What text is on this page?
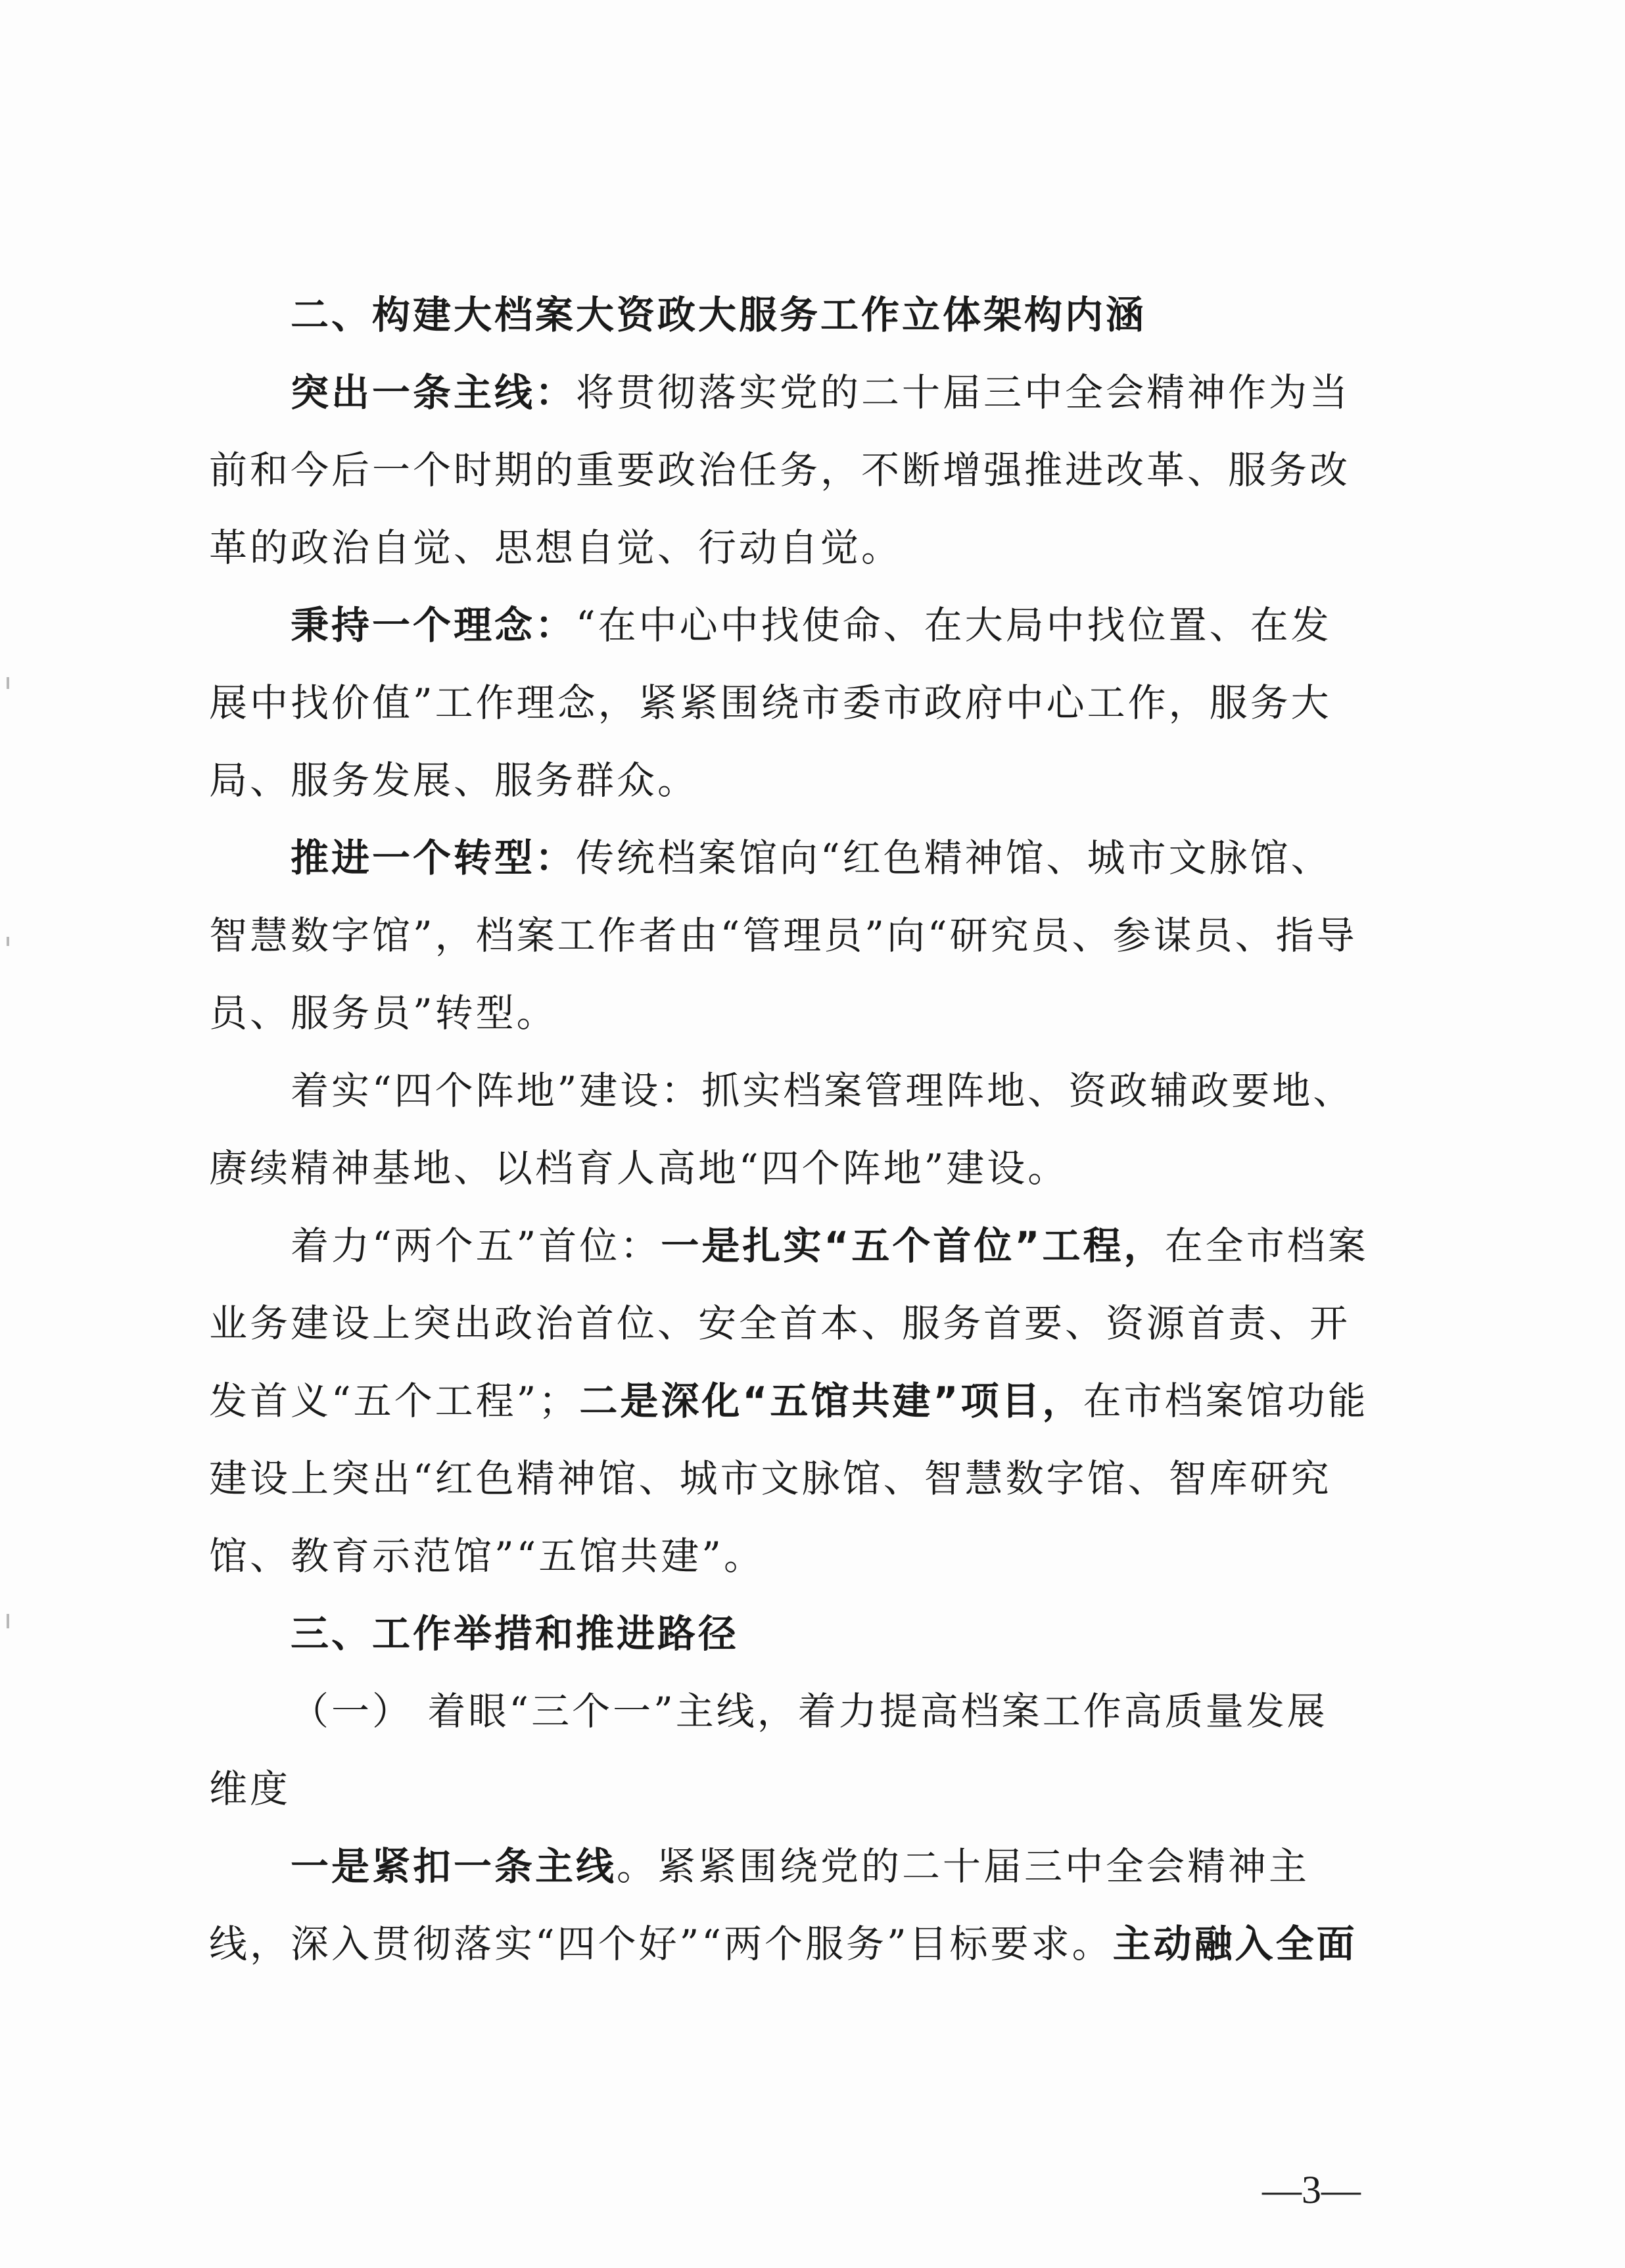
二、构建大档案大资政大服务工作立体架构内涵
突出一条主线：将贯彻落实党的二十届三中全会精神作为当
前和今后一个时期的重要政治任务，不断增强推进改革、服务改
革的政治自觉、思想自觉、行动自觉。
秉持一个理念：“在中心中找使命、在大局中找位置、在发
展中找价值”工作理念，紧紧围绕市委市政府中心工作，服务大
局、服务发展、服务群众。
推进一个转型：传统档案馆向“红色精神馆、城市文脉馆、
智慧数字馆”，档案工作者由“管理员”向“研究员、参谋员、指导
员、服务员”转型。
着实“四个阵地”建设：抓实档案管理阵地、资政辅政要地、
赓续精神基地、以档育人高地“四个阵地”建设。
着力“两个五”首位：一是扎实“五个首位”工程，在全市档案
业务建设上突出政治首位、安全首本、服务首要、资源首责、开
发首义“五个工程”；二是深化“五馆共建”项目，在市档案馆功能
建设上突出“红色精神馆、城市文脉馆、智慧数字馆、智库研究
馆、教育示范馆”“五馆共建”。
三、工作举措和推进路径
（一） 着眼“三个一”主线，着力提高档案工作高质量发展
维度
一是紧扣一条主线。紧紧围绕党的二十届三中全会精神主
线，深入贯彻落实“四个好”“两个服务”目标要求。主动融入全面
—3—
